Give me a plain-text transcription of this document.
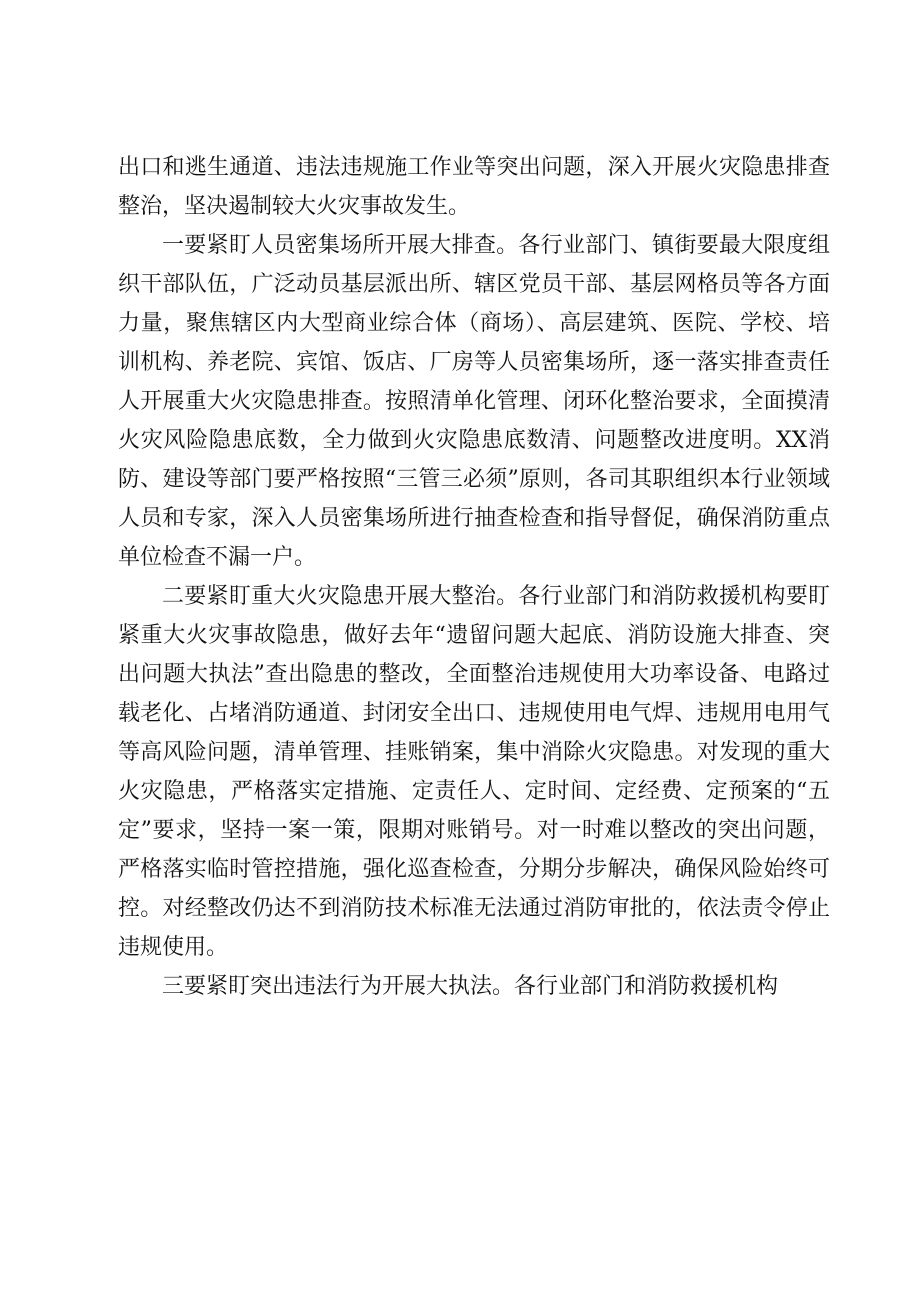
出口和逃生通道、违法违规施工作业等突出问题，深入开展火灾隐患排查整治，坚决遏制较大火灾事故发生。

一要紧盯人员密集场所开展大排查。各行业部门、镇街要最大限度组织干部队伍，广泛动员基层派出所、辖区党员干部、基层网格员等各方面力量，聚焦辖区内大型商业综合体（商场）、高层建筑、医院、学校、培训机构、养老院、宾馆、饭店、厂房等人员密集场所，逐一落实排查责任人开展重大火灾隐患排查。按照清单化管理、闭环化整治要求，全面摸清火灾风险隐患底数，全力做到火灾隐患底数清、问题整改进度明。XX消防、建设等部门要严格按照“三管三必须”原则，各司其职组织本行业领域人员和专家，深入人员密集场所进行抽查检查和指导督促，确保消防重点单位检查不漏一户。

二要紧盯重大火灾隐患开展大整治。各行业部门和消防救援机构要盯紧重大火灾事故隐患，做好去年“遗留问题大起底、消防设施大排查、突出问题大执法”查出隐患的整改，全面整治违规使用大功率设备、电路过载老化、占堵消防通道、封闭安全出口、违规使用电气焊、违规用电用气等高风险问题，清单管理、挂账销案，集中消除火灾隐患。对发现的重大火灾隐患，严格落实定措施、定责任人、定时间、定经费、定预案的“五定”要求，坚持一案一策，限期对账销号。对一时难以整改的突出问题，严格落实临时管控措施，强化巡查检查，分期分步解决，确保风险始终可控。对经整改仍达不到消防技术标准无法通过消防审批的，依法责令停止违规使用。

三要紧盯突出违法行为开展大执法。各行业部门和消防救援机构
